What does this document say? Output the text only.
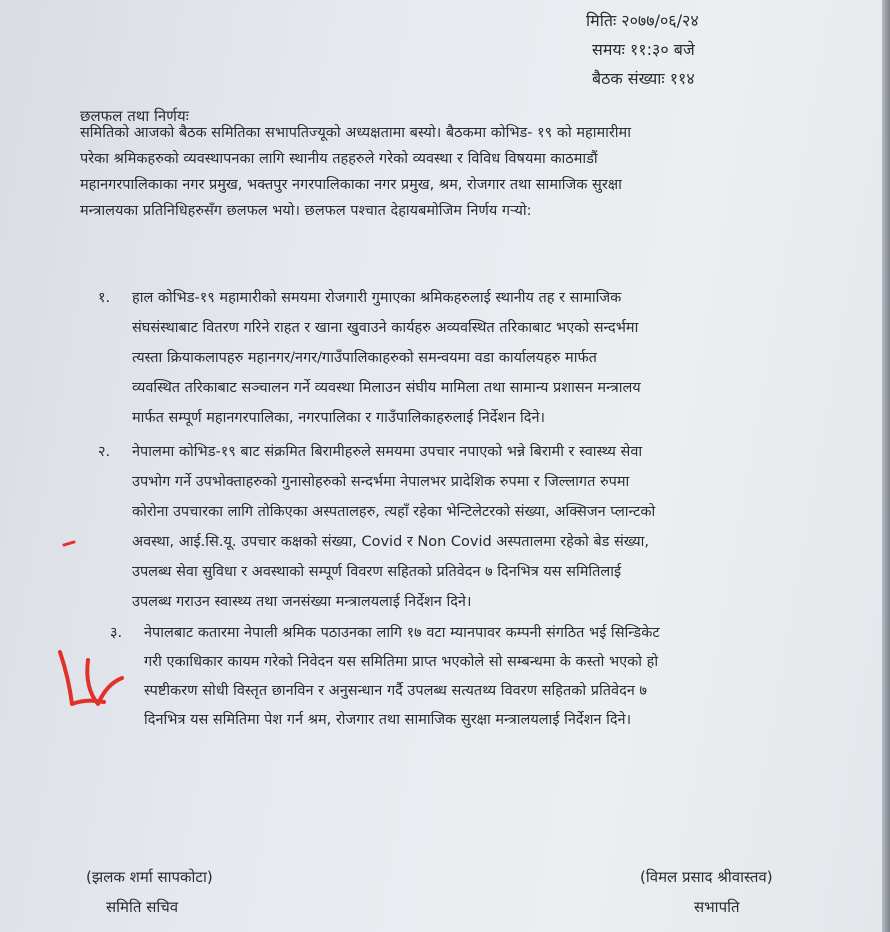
मितिः २०७७/०६/२४
समयः ११:३० बजे
बैठक संख्याः ११४
छलफल तथा निर्णयः
समितिको आजको बैठक समितिका सभापतिज्यूको अध्यक्षतामा बस्यो। बैठकमा कोभिड- १९ को महामारीमा
परेका श्रमिकहरुको व्यवस्थापनका लागि स्थानीय तहहरुले गरेको व्यवस्था र विविध विषयमा काठमाडौं
महानगरपालिकाका नगर प्रमुख, भक्तपुर नगरपालिकाका नगर प्रमुख, श्रम, रोजगार तथा सामाजिक सुरक्षा
मन्त्रालयका प्रतिनिधिहरुसँग छलफल भयो। छलफल पश्चात देहायबमोजिम निर्णय गऱ्यो:
१. हाल कोभिड-१९ महामारीको समयमा रोजगारी गुमाएका श्रमिकहरुलाई स्थानीय तह र सामाजिक
संघसंस्थाबाट वितरण गरिने राहत र खाना खुवाउने कार्यहरु अव्यवस्थित तरिकाबाट भएको सन्दर्भमा
त्यस्ता क्रियाकलापहरु महानगर/नगर/गाउँपालिकाहरुको समन्वयमा वडा कार्यालयहरु मार्फत
व्यवस्थित तरिकाबाट सञ्चालन गर्ने व्यवस्था मिलाउन संघीय मामिला तथा सामान्य प्रशासन मन्त्रालय
मार्फत सम्पूर्ण महानगरपालिका, नगरपालिका र गाउँपालिकाहरुलाई निर्देशन दिने।
२. नेपालमा कोभिड-१९ बाट संक्रमित बिरामीहरुले समयमा उपचार नपाएको भन्ने बिरामी र स्वास्थ्य सेवा
उपभोग गर्ने उपभोक्ताहरुको गुनासोहरुको सन्दर्भमा नेपालभर प्रादेशिक रुपमा र जिल्लागत रुपमा
कोरोना उपचारका लागि तोकिएका अस्पतालहरु, त्यहाँ रहेका भेन्टिलेटरको संख्या, अक्सिजन प्लान्टको
अवस्था, आई.सि.यू. उपचार कक्षको संख्या, Covid र Non Covid अस्पतालमा रहेको बेड संख्या,
उपलब्ध सेवा सुविधा र अवस्थाको सम्पूर्ण विवरण सहितको प्रतिवेदन ७ दिनभित्र यस समितिलाई
उपलब्ध गराउन स्वास्थ्य तथा जनसंख्या मन्त्रालयलाई निर्देशन दिने।
३. नेपालबाट कतारमा नेपाली श्रमिक पठाउनका लागि १७ वटा म्यानपावर कम्पनी संगठित भई सिन्डिकेट
गरी एकाधिकार कायम गरेको निवेदन यस समितिमा प्राप्त भएकोले सो सम्बन्धमा के कस्तो भएको हो
स्पष्टीकरण सोधी विस्तृत छानविन र अनुसन्धान गर्दै उपलब्ध सत्यतथ्य विवरण सहितको प्रतिवेदन ७
दिनभित्र यस समितिमा पेश गर्न श्रम, रोजगार तथा सामाजिक सुरक्षा मन्त्रालयलाई निर्देशन दिने।
(झलक शर्मा सापकोटा)
समिति सचिव
(विमल प्रसाद श्रीवास्तव)
सभापति
